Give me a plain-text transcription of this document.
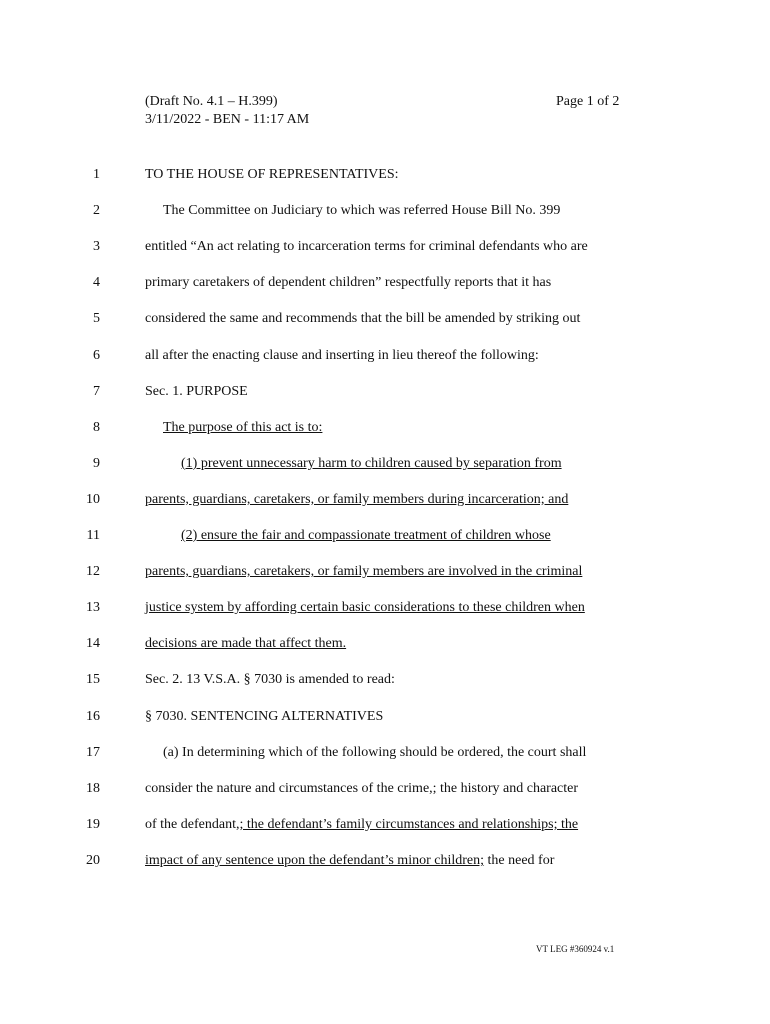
(Draft No. 4.1 – H.399)
3/11/2022 - BEN - 11:17 AM
Page 1 of 2
1	TO THE HOUSE OF REPRESENTATIVES:
2	The Committee on Judiciary to which was referred House Bill No. 399
3	entitled “An act relating to incarceration terms for criminal defendants who are
4	primary caretakers of dependent children” respectfully reports that it has
5	considered the same and recommends that the bill be amended by striking out
6	all after the enacting clause and inserting in lieu thereof the following:
7	Sec. 1. PURPOSE
8	The purpose of this act is to:
9	(1) prevent unnecessary harm to children caused by separation from
10	parents, guardians, caretakers, or family members during incarceration; and
11	(2) ensure the fair and compassionate treatment of children whose
12	parents, guardians, caretakers, or family members are involved in the criminal
13	justice system by affording certain basic considerations to these children when
14	decisions are made that affect them.
15	Sec. 2. 13 V.S.A. § 7030 is amended to read:
16	§ 7030. SENTENCING ALTERNATIVES
17	(a) In determining which of the following should be ordered, the court shall
18	consider the nature and circumstances of the crime,; the history and character
19	of the defendant,; the defendant’s family circumstances and relationships; the
20	impact of any sentence upon the defendant’s minor children; the need for
VT LEG #360924 v.1
